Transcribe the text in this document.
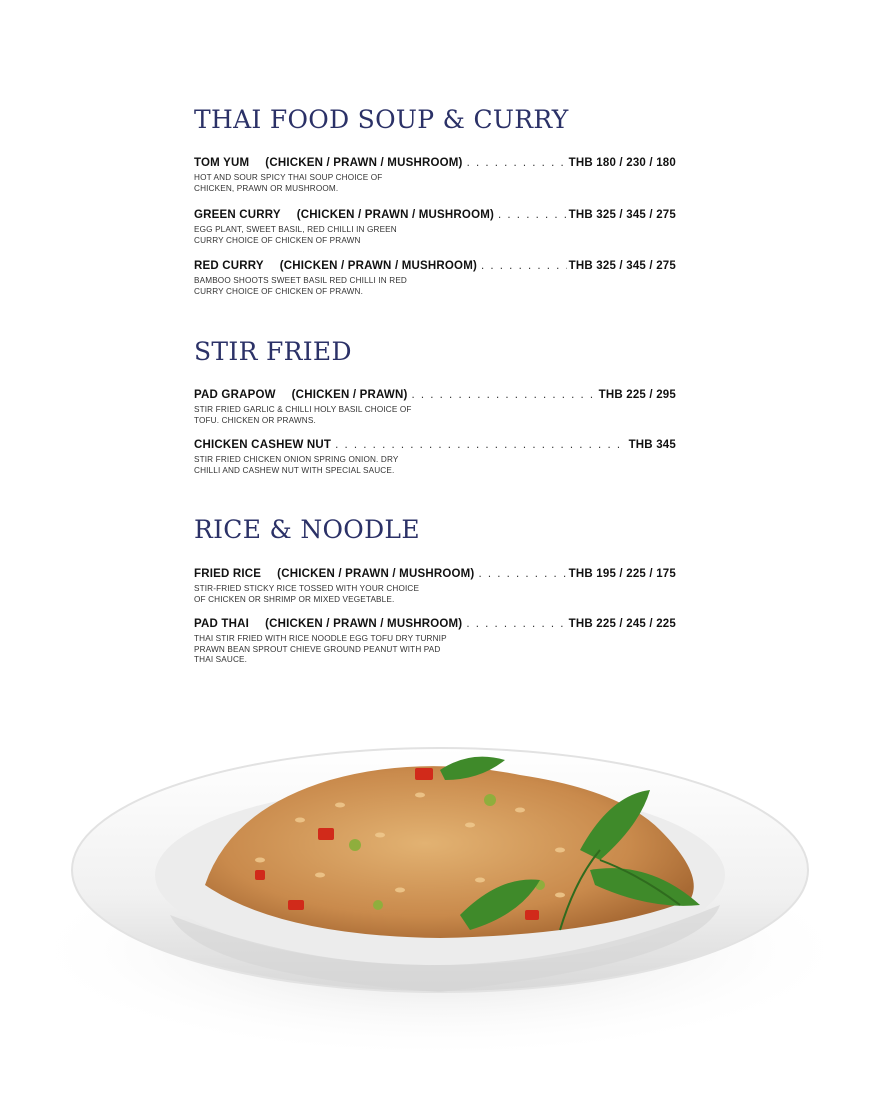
THAI FOOD SOUP & CURRY
TOM YUM (CHICKEN / PRAWN / MUSHROOM) . . .	THB 180 / 230 / 180
HOT AND SOUR SPICY THAI SOUP CHOICE OF
CHICKEN, PRAWN OR MUSHROOM.
GREEN CURRY (CHICKEN / PRAWN / MUSHROOM) . . .	THB 325 / 345 / 275
EGG PLANT, SWEET BASIL, RED CHILLI IN GREEN
CURRY CHOICE OF CHICKEN OF PRAWN
RED CURRY (CHICKEN / PRAWN / MUSHROOM) . . .	THB 325 / 345 / 275
BAMBOO SHOOTS SWEET BASIL RED CHILLI IN RED
CURRY CHOICE OF CHICKEN OF PRAWN.
STIR FRIED
PAD GRAPOW (CHICKEN / PRAWN) . . .	THB 225 / 295
STIR FRIED GARLIC & CHILLI HOLY BASIL CHOICE OF
TOFU. CHICKEN OR PRAWNS.
CHICKEN CASHEW NUT . . .	THB 345
STIR FRIED CHICKEN ONION SPRING ONION. DRY
CHILLI AND CASHEW NUT WITH SPECIAL SAUCE.
RICE & NOODLE
FRIED RICE (CHICKEN / PRAWN / MUSHROOM) . . .	THB 195 / 225 / 175
STIR-FRIED STICKY RICE TOSSED WITH YOUR CHOICE
OF CHICKEN OR SHRIMP OR MIXED VEGETABLE.
PAD THAI (CHICKEN / PRAWN / MUSHROOM) . . .	THB 225 / 245 / 225
THAI STIR FRIED WITH RICE NOODLE EGG TOFU DRY TURNIP
PRAWN BEAN SPROUT CHIEVE GROUND PEANUT WITH PAD
THAI SAUCE.
